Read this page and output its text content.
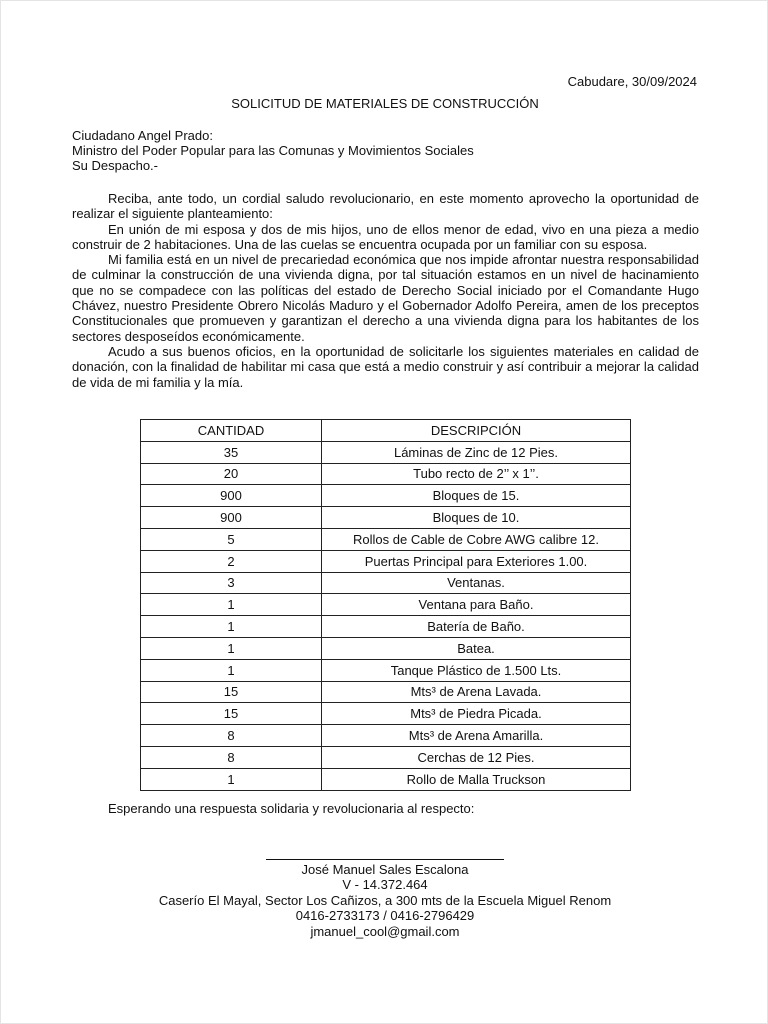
Cabudare, 30/09/2024
SOLICITUD DE MATERIALES DE CONSTRUCCIÓN
Ciudadano Angel Prado:
Ministro del Poder Popular para las Comunas y Movimientos Sociales
Su Despacho.-

Reciba, ante todo, un cordial saludo revolucionario, en este momento aprovecho la oportunidad de realizar el siguiente planteamiento:

En unión de mi esposa y dos de mis hijos, uno de ellos menor de edad, vivo en una pieza a medio construir de 2 habitaciones. Una de las cuelas se encuentra ocupada por un familiar con su esposa.

Mi familia está en un nivel de precariedad económica que nos impide afrontar nuestra responsabilidad de culminar la construcción de una vivienda digna, por tal situación estamos en un nivel de hacinamiento que no se compadece con las políticas del estado de Derecho Social iniciado por el Comandante Hugo Chávez, nuestro Presidente Obrero Nicolás Maduro y el Gobernador Adolfo Pereira, amen de los preceptos Constitucionales que promueven y garantizan el derecho a una vivienda digna para los habitantes de los sectores desposeídos económicamente.

Acudo a sus buenos oficios, en la oportunidad de solicitarle los siguientes materiales en calidad de donación, con la finalidad de habilitar mi casa que está a medio construir y así contribuir a mejorar la calidad de vida de mi familia y la mía.

CANTIDAD	DESCRIPCIÓN
35	Láminas de Zinc de 12 Pies.
20	Tubo recto de 2’’ x 1’’.
900	Bloques de 15.
900	Bloques de 10.
5	Rollos de Cable de Cobre AWG calibre 12.
2	Puertas Principal para Exteriores 1.00.
3	Ventanas.
1	Ventana para Baño.
1	Batería de Baño.
1	Batea.
1	Tanque Plástico de 1.500 Lts.
15	Mts³ de Arena Lavada.
15	Mts³ de Piedra Picada.
8	Mts³ de Arena Amarilla.
8	Cerchas de 12 Pies.
1	Rollo de Malla Truckson
Esperando una respuesta solidaria y revolucionaria al respecto:
José Manuel Sales Escalona
V - 14.372.464
Caserío El Mayal, Sector Los Cañizos, a 300 mts de la Escuela Miguel Renom
0416-2733173 / 0416-2796429
jmanuel_cool@gmail.com
